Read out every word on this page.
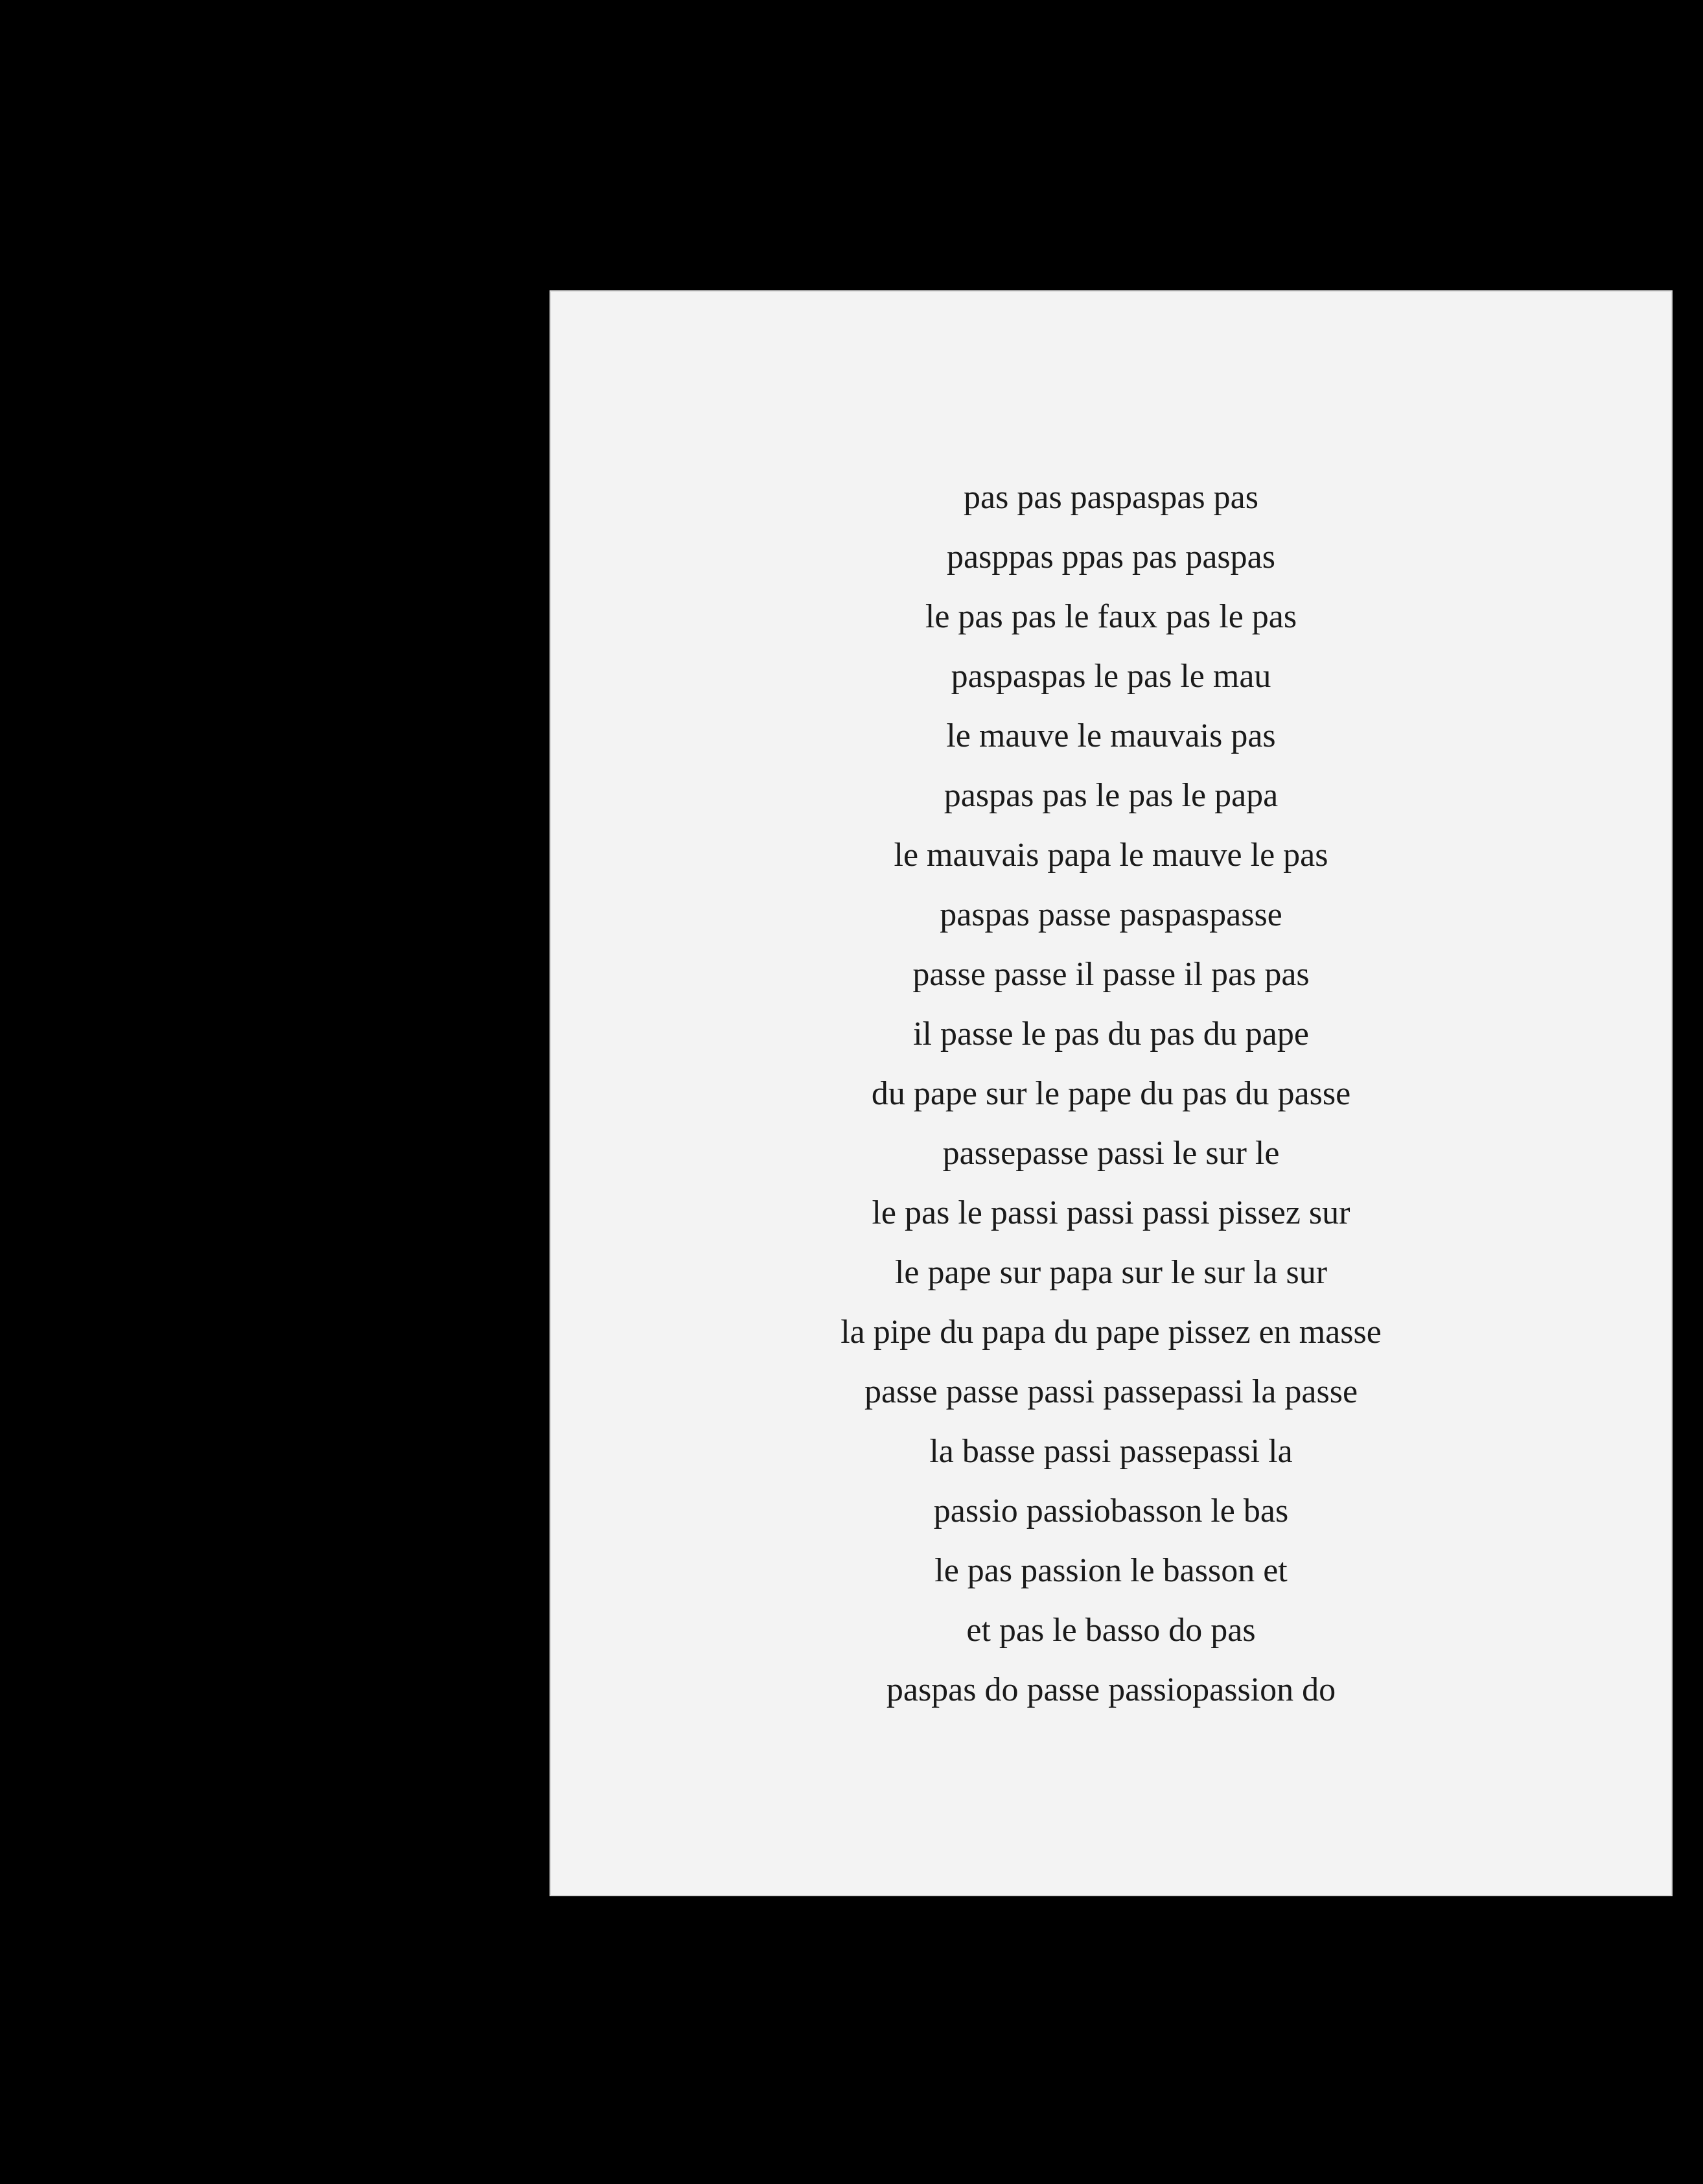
pas pas paspaspas pas
pasppas ppas pas paspas
le pas pas le faux pas le pas
paspaspas le pas le mau
le mauve le mauvais pas
paspas pas le pas le papa
le mauvais papa le mauve le pas
paspas passe paspaspasse
passe passe il passe il pas pas
il passe le pas du pas du pape
du pape sur le pape du pas du passe
passepasse passi le sur le
le pas le passi passi passi pissez sur
le pape sur papa sur le sur la sur
la pipe du papa du pape pissez en masse
passe passe passi passepassi la passe
la basse passi passepassi la
passio passiobasson le bas
le pas passion le basson et
et pas le basso do pas
paspas do passe passiopassion do
